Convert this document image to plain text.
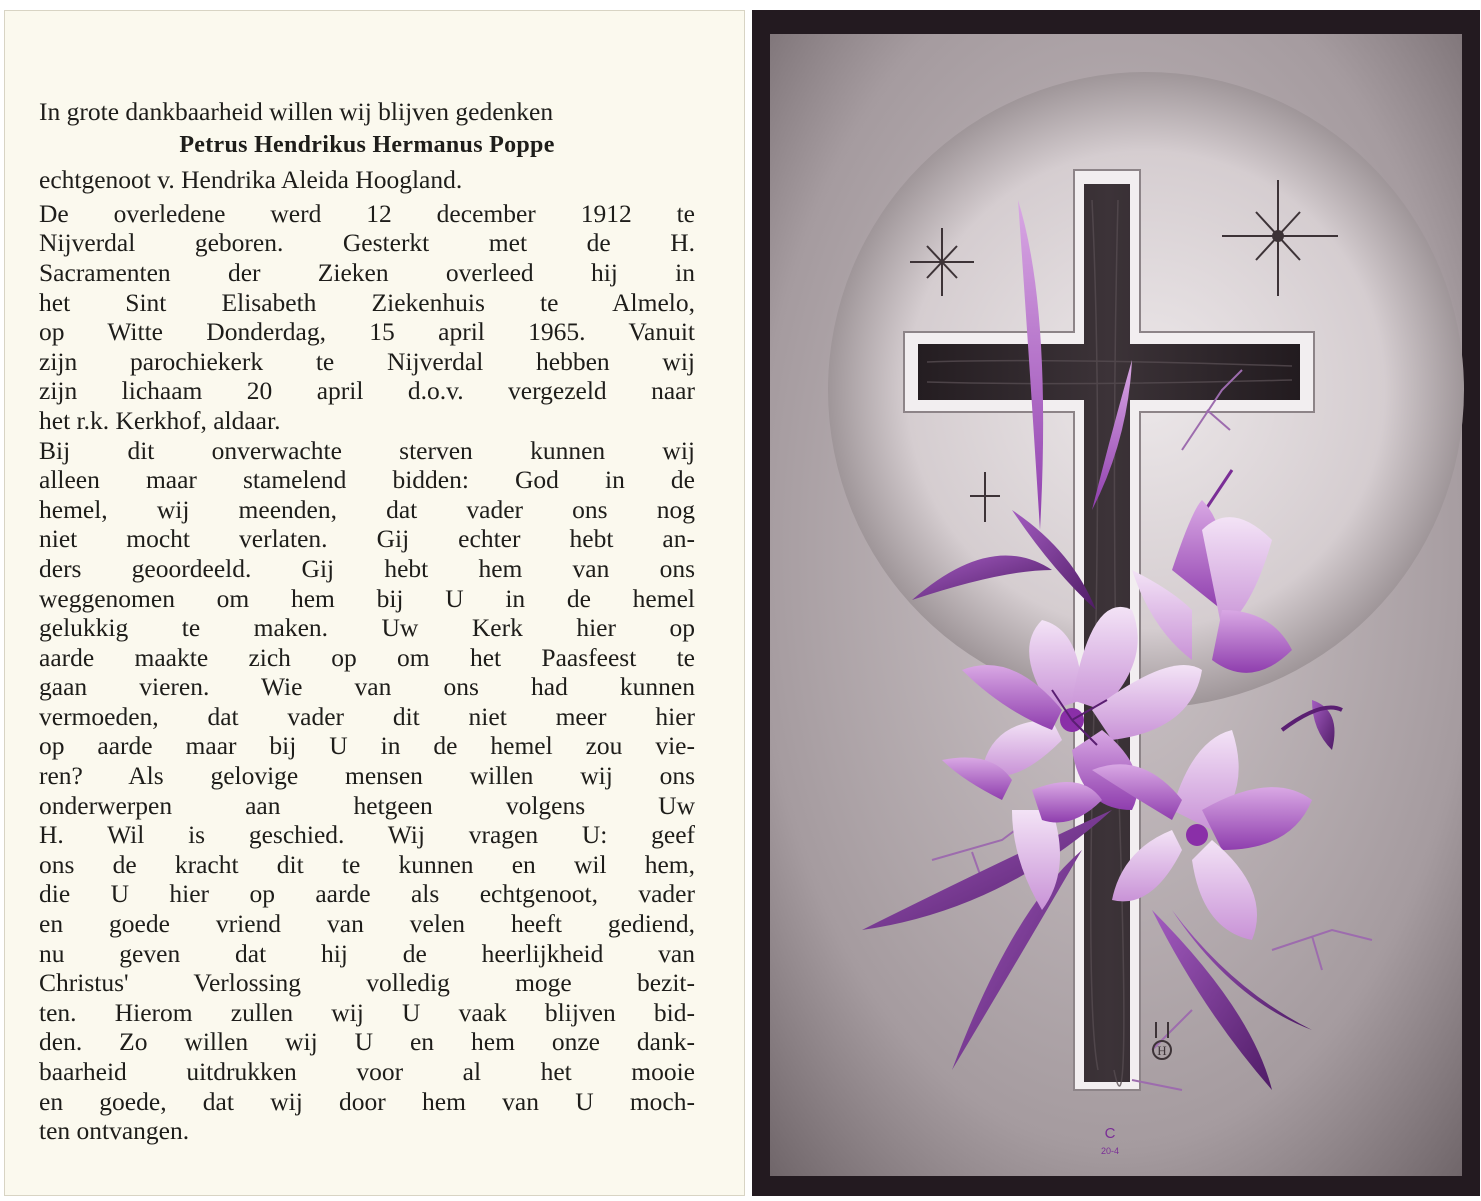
In grote dankbaarheid willen wij blijven gedenken

Petrus Hendrikus Hermanus Poppe

echtgenoot v. Hendrika Aleida Hoogland.

De overledene werd 12 december 1912 te
Nijverdal geboren. Gesterkt met de H.
Sacramenten der Zieken overleed hij in
het Sint Elisabeth Ziekenhuis te Almelo,
op Witte Donderdag, 15 april 1965. Vanuit
zijn parochiekerk te Nijverdal hebben wij
zijn lichaam 20 april d.o.v. vergezeld naar
het r.k. Kerkhof, aldaar.
Bij dit onverwachte sterven kunnen wij
alleen maar stamelend bidden: God in de
hemel, wij meenden, dat vader ons nog
niet mocht verlaten. Gij echter hebt an-
ders geoordeeld. Gij hebt hem van ons
weggenomen om hem bij U in de hemel
gelukkig te maken. Uw Kerk hier op
aarde maakte zich op om het Paasfeest te
gaan vieren. Wie van ons had kunnen
vermoeden, dat vader dit niet meer hier
op aarde maar bij U in de hemel zou vie-
ren? Als gelovige mensen willen wij ons
onderwerpen aan hetgeen volgens Uw
H. Wil is geschied. Wij vragen U: geef
ons de kracht dit te kunnen en wil hem,
die U hier op aarde als echtgenoot, vader
en goede vriend van velen heeft gediend,
nu geven dat hij de heerlijkheid van
Christus' Verlossing volledig moge bezit-
ten. Hierom zullen wij U vaak blijven bid-
den. Zo willen wij U en hem onze dank-
baarheid uitdrukken voor al het mooie
en goede, dat wij door hem van U moch-
ten ontvangen.
H
C
20-4
